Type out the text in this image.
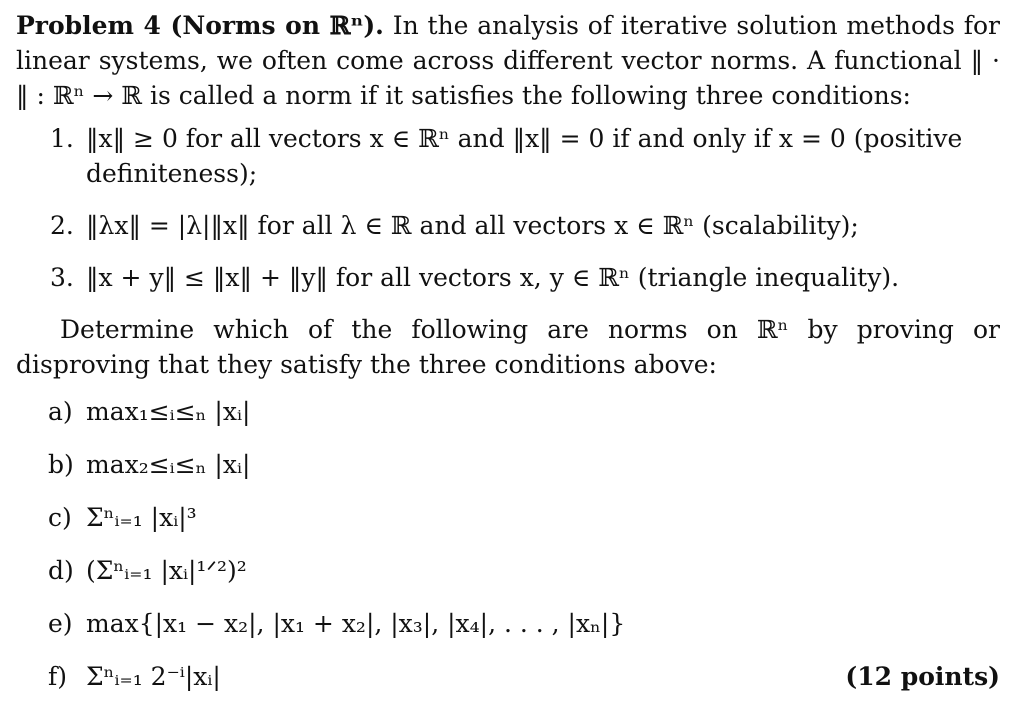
Problem 4 (Norms on ℝⁿ). In the analysis of iterative solution methods for linear systems, we often come across different vector norms. A functional ‖ · ‖ : ℝⁿ → ℝ is called a norm if it satisfies the following three conditions:

1. ‖x‖ ≥ 0 for all vectors x ∈ ℝⁿ and ‖x‖ = 0 if and only if x = 0 (positive definiteness);
2. ‖λx‖ = |λ|‖x‖ for all λ ∈ ℝ and all vectors x ∈ ℝⁿ (scalability);
3. ‖x + y‖ ≤ ‖x‖ + ‖y‖ for all vectors x, y ∈ ℝⁿ (triangle inequality).
Determine which of the following are norms on ℝⁿ by proving or disproving that they satisfy the three conditions above:
a) max₁≤ᵢ≤ₙ |xᵢ|
b) max₂≤ᵢ≤ₙ |xᵢ|
c) Σⁿᵢ₌₁ |xᵢ|³
d) (Σⁿᵢ₌₁ |xᵢ|¹ᐟ²)²
e) max{|x₁ − x₂|, |x₁ + x₂|, |x₃|, |x₄|, . . . , |xₙ|}
f) Σⁿᵢ₌₁ 2⁻ⁱ|xᵢ|	(12 points)
